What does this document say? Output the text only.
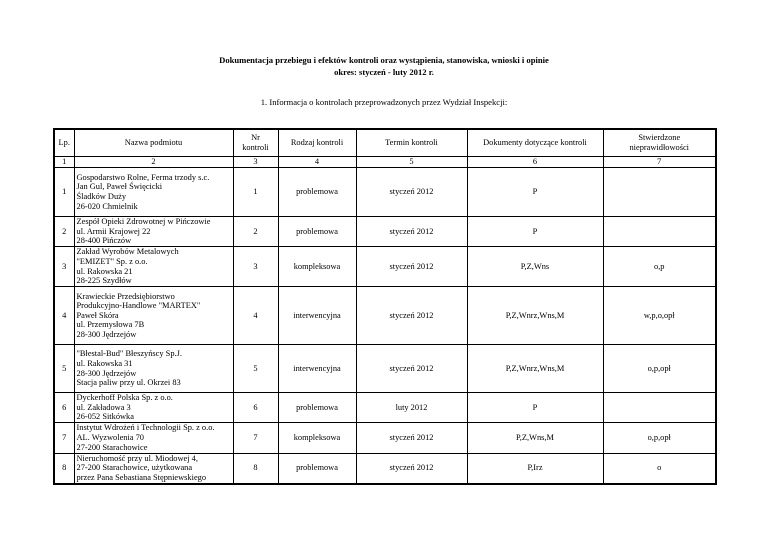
Dokumentacja przebiegu i efektów kontroli oraz wystąpienia, stanowiska, wnioski i opinie
okres: styczeń - luty 2012 r.
1. Informacja o kontrolach przeprowadzonych przez Wydział Inspekcji:
Lp.	Nazwa podmiotu	Nr
kontroli	Rodzaj kontroli	Termin kontroli	Dokumenty dotyczące kontroli	Stwierdzone
nieprawidłowości

1	2	3	4	5	6	7
1	Gospodarstwo Rolne, Ferma trzody s.c.
Jan Gul, Paweł Święcicki
Śladków Duży
26-020 Chmielnik	1	problemowa	styczeń 2012	P	
2	Zespół Opieki Zdrowotnej w Pińczowie
ul. Armii Krajowej 22
28-400 Pińczów	2	problemowa	styczeń 2012	P	
3	Zakład Wyrobów Metalowych
"EMIZET" Sp. z o.o.
ul. Rakowska 21
28-225 Szydłów	3	kompleksowa	styczeń 2012	P,Z,Wns	o,p
4	Krawieckie Przedsiębiorstwo
Produkcyjno-Handlowe "MARTEX"
Paweł Skóra
ul. Przemysłowa 7B
28-300 Jędrzejów	4	interwencyjna	styczeń 2012	P,Z,Wnrz,Wns,M	w,p,o,opł
5	"Błestal-Bud" Błeszyńscy Sp.J.
ul. Rakowska 31
28-300 Jędrzejów
Stacja paliw przy ul. Okrzei 83	5	interwencyjna	styczeń 2012	P,Z,Wnrz,Wns,M	o,p,opł
6	Dyckerhoff Polska Sp. z o.o.
ul. Zakładowa 3
26-052 Sitkówka	6	problemowa	luty 2012	P	
7	Instytut Wdrożeń i Technologii Sp. z o.o.
AL. Wyzwolenia 70
27-200 Starachowice	7	kompleksowa	styczeń 2012	P,Z,Wns,M	o,p,opł
8	Nieruchomość przy ul. Miodowej 4,
27-200 Starachowice, użytkowana
przez Pana Sebastiana Stępniewskiego	8	problemowa	styczeń 2012	P,Irz	o
